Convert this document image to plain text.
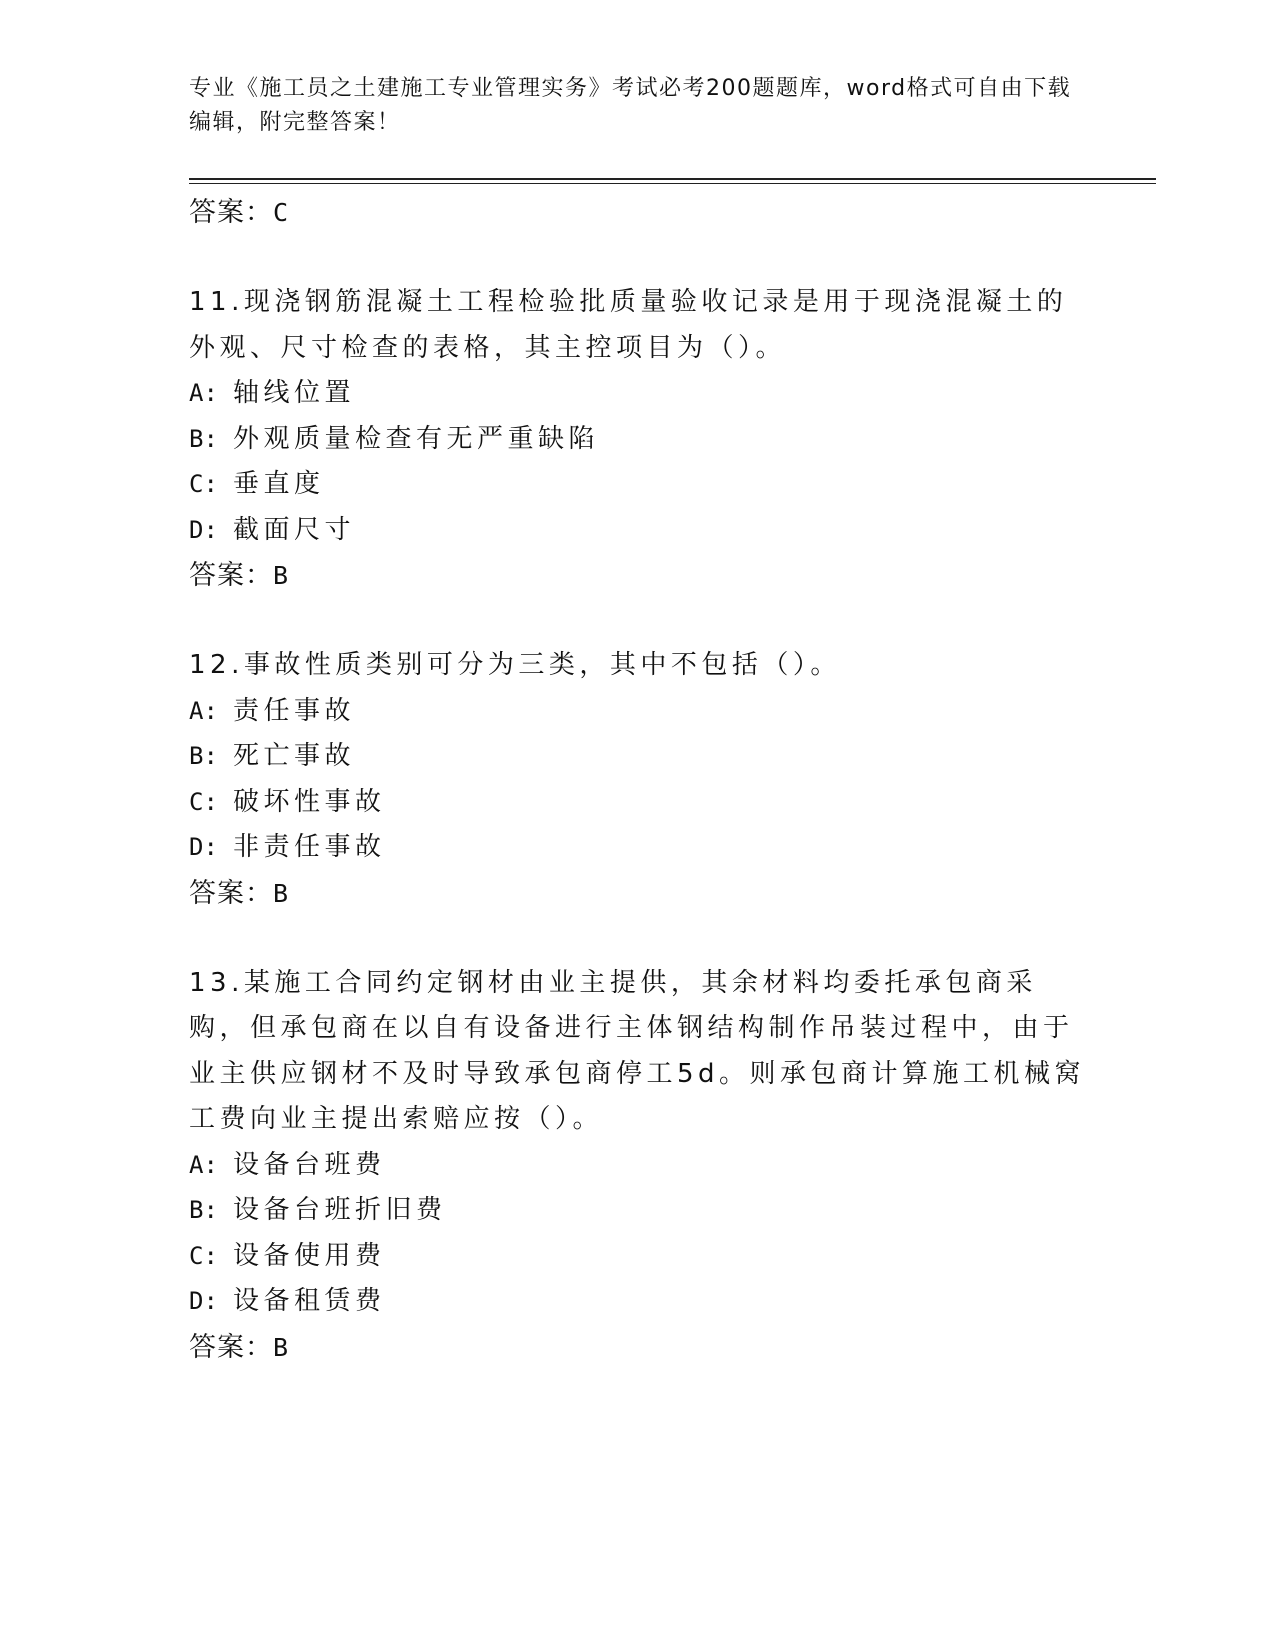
专业《施工员之土建施工专业管理实务》考试必考200题题库，word格式可自由下载编辑，附完整答案！

答案：C

11.现浇钢筋混凝土工程检验批质量验收记录是用于现浇混凝土的外观、尺寸检查的表格，其主控项目为（）。

A: 轴线位置

B: 外观质量检查有无严重缺陷

C: 垂直度

D: 截面尺寸

答案：B

12.事故性质类别可分为三类，其中不包括（）。

A: 责任事故

B: 死亡事故

C: 破坏性事故

D: 非责任事故

答案：B

13.某施工合同约定钢材由业主提供，其余材料均委托承包商采购，但承包商在以自有设备进行主体钢结构制作吊装过程中，由于业主供应钢材不及时导致承包商停工5d。则承包商计算施工机械窝工费向业主提出索赔应按（）。

A: 设备台班费

B: 设备台班折旧费

C: 设备使用费

D: 设备租赁费

答案：B
